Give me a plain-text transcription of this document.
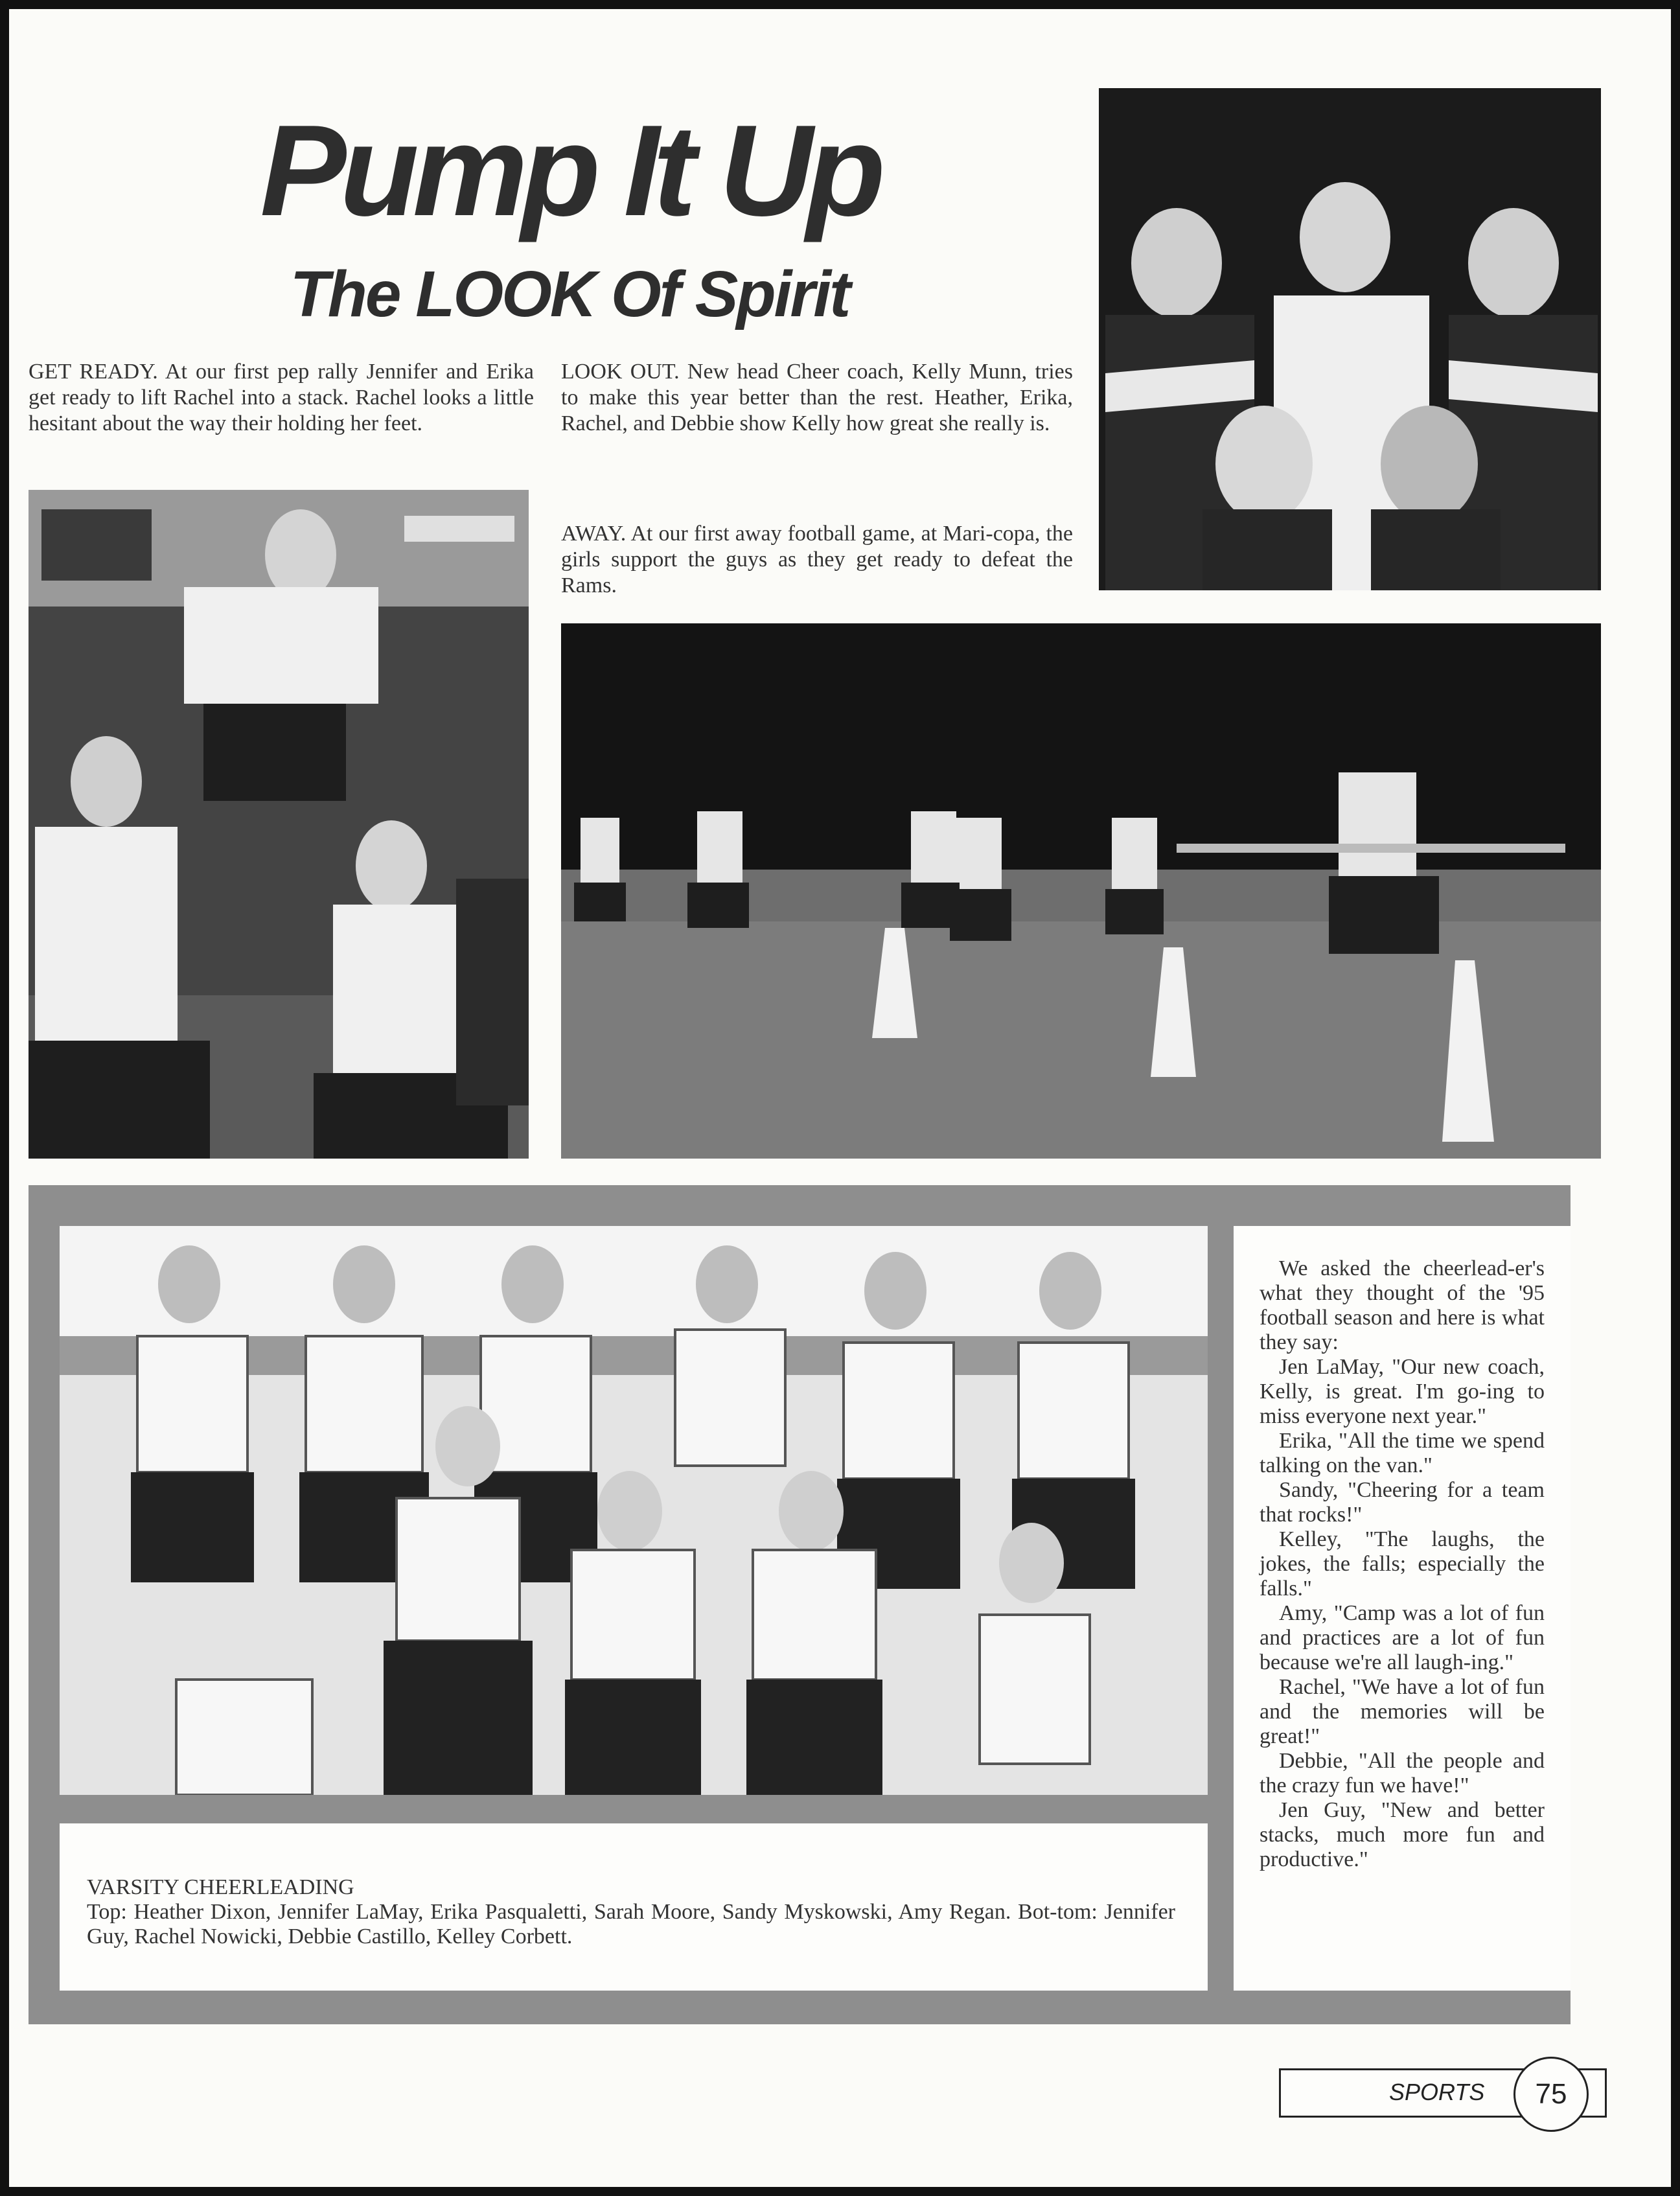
Pump It Up
The LOOK Of Spirit
GET READY. At our first pep rally Jennifer and Erika get ready to lift Rachel into a stack. Rachel looks a little hesitant about the way their holding her feet.
LOOK OUT. New head Cheer coach, Kelly Munn, tries to make this year better than the rest. Heather, Erika, Rachel, and Debbie show Kelly how great she really is.
AWAY. At our first away football game, at Mari-copa, the girls support the guys as they get ready to defeat the Rams.
VARSITY CHEERLEADING
Top: Heather Dixon, Jennifer LaMay, Erika Pasqualetti, Sarah Moore, Sandy Myskowski, Amy Regan. Bot-tom: Jennifer Guy, Rachel Nowicki, Debbie Castillo, Kelley Corbett.

We asked the cheerlead-er's what they thought of the '95 football season and here is what they say:

Jen LaMay, "Our new coach, Kelly, is great. I'm go-ing to miss everyone next year."

Erika, "All the time we spend talking on the van."

Sandy, "Cheering for a team that rocks!"

Kelley, "The laughs, the jokes, the falls; especially the falls."

Amy, "Camp was a lot of fun and practices are a lot of fun because we're all laugh-ing."

Rachel, "We have a lot of fun and the memories will be great!"

Debbie, "All the people and the crazy fun we have!"

Jen Guy, "New and better stacks, much more fun and productive."

SPORTS	75
